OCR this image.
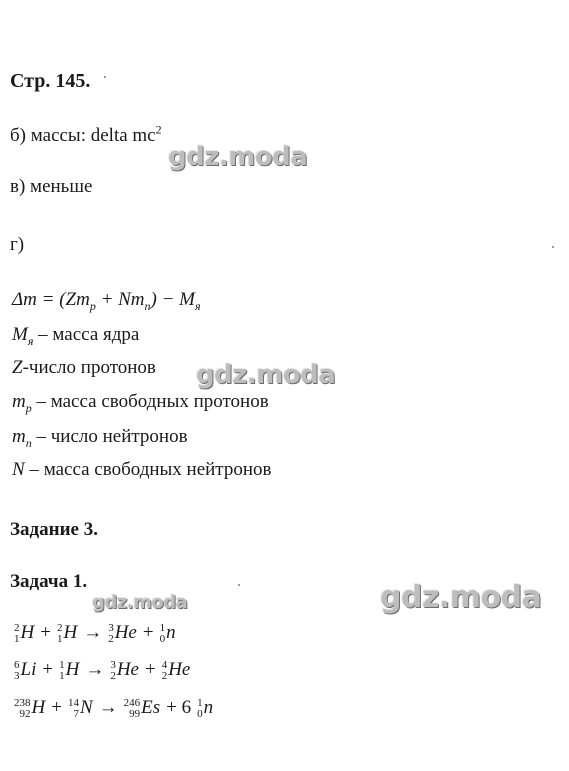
Стр. 145.
б) массы: delta $mc^2$
в) меньше
г)
$\Delta m = (Zm_p + Nm_n) - M_я$
$M_я$ – масса ядра
Z-число протонов
$m_p$ – масса свободных протонов
$m_n$ – число нейтронов
N – масса свободных нейтронов
Задание 3.
Задача 1.
2
1 H + 2
1 H → 3
2 He + 1
0 n
6
3 Li + 1
1 H → 3
2 He + 4
2 He
238
92 H + 14
7 N → 246
99 Es + 6 1
0 n
gdz.moda
gdz.moda
gdz.moda	gdz.moda
